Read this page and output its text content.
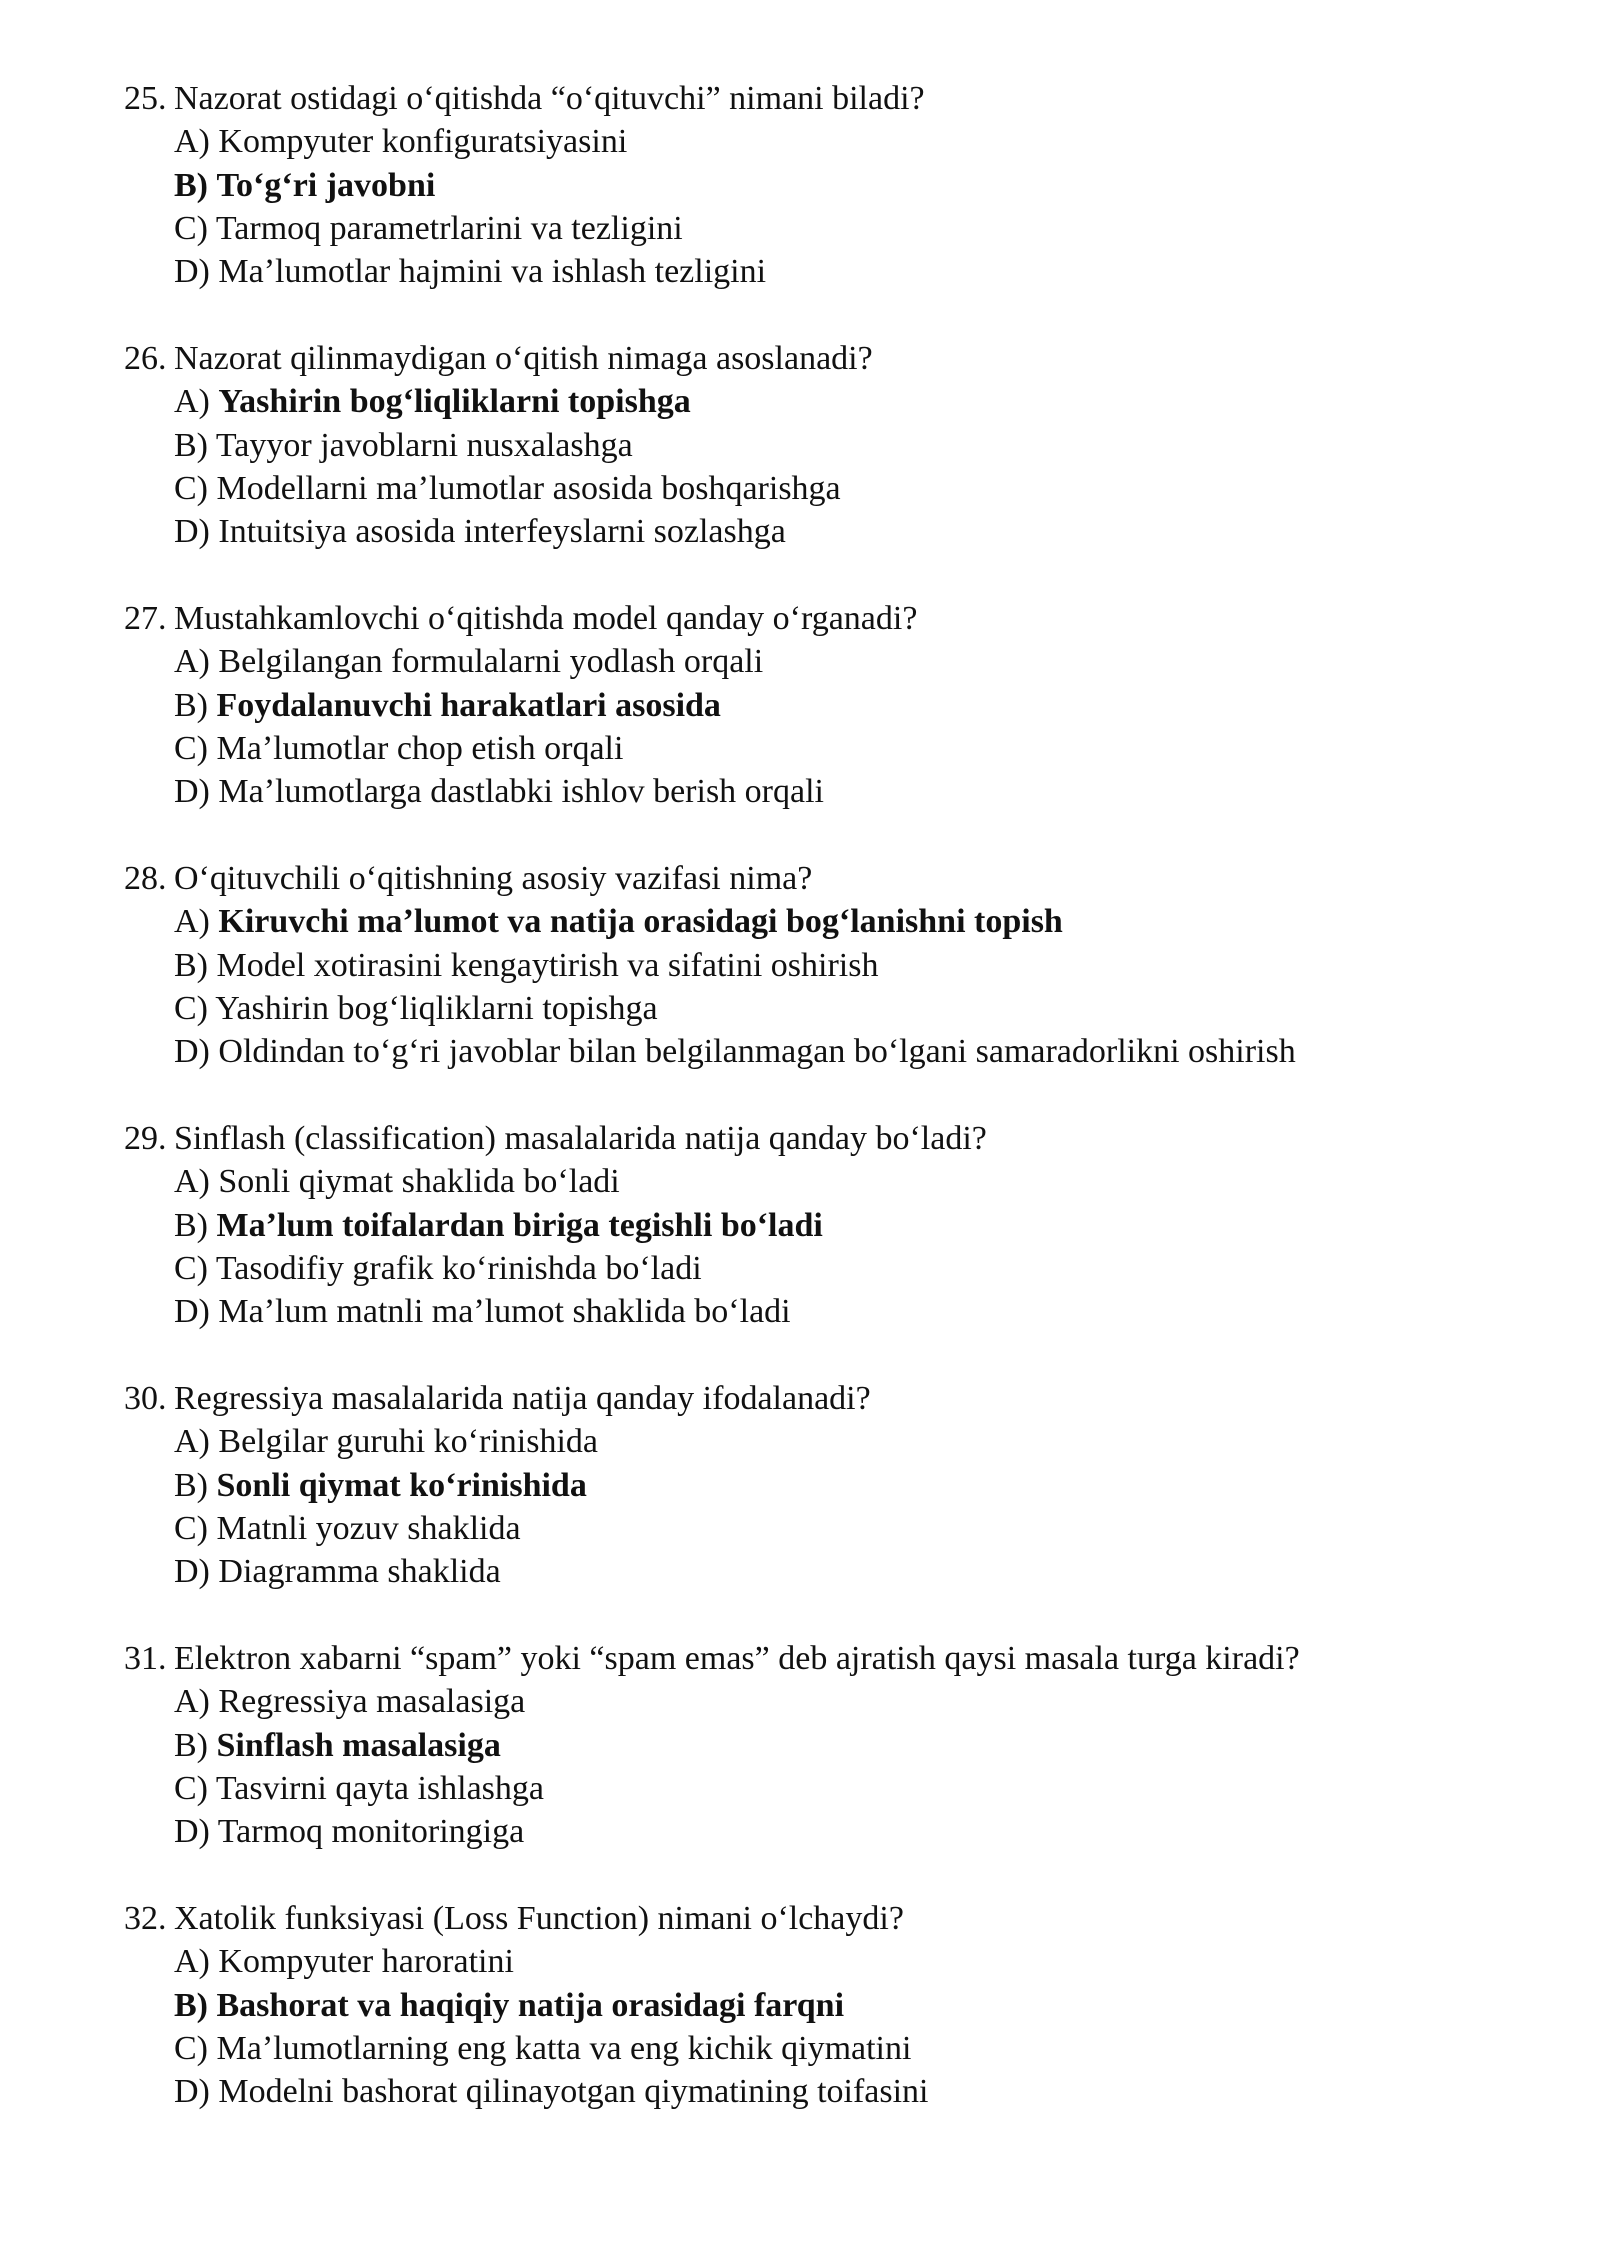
25. Nazorat ostidagi oʻqitishda “oʻqituvchi” nimani biladi?
A) Kompyuter konfiguratsiyasini
B) Toʻgʻri javobni
C) Tarmoq parametrlarini va tezligini
D) Maʼlumotlar hajmini va ishlash tezligini
26. Nazorat qilinmaydigan oʻqitish nimaga asoslanadi?
A) Yashirin bogʻliqliklarni topishga
B) Tayyor javoblarni nusxalashga
C) Modellarni maʼlumotlar asosida boshqarishga
D) Intuitsiya asosida interfeyslarni sozlashga
27. Mustahkamlovchi oʻqitishda model qanday oʻrganadi?
A) Belgilangan formulalarni yodlash orqali
B) Foydalanuvchi harakatlari asosida
C) Maʼlumotlar chop etish orqali
D) Maʼlumotlarga dastlabki ishlov berish orqali
28. Oʻqituvchili oʻqitishning asosiy vazifasi nima?
A) Kiruvchi maʼlumot va natija orasidagi bogʻlanishni topish
B) Model xotirasini kengaytirish va sifatini oshirish
C) Yashirin bogʻliqliklarni topishga
D) Oldindan toʻgʻri javoblar bilan belgilanmagan boʻlgani samaradorlikni oshirish
29. Sinflash (classification) masalalarida natija qanday boʻladi?
A) Sonli qiymat shaklida boʻladi
B) Maʼlum toifalardan biriga tegishli boʻladi
C) Tasodifiy grafik koʻrinishda boʻladi
D) Maʼlum matnli maʼlumot shaklida boʻladi
30. Regressiya masalalarida natija qanday ifodalanadi?
A) Belgilar guruhi koʻrinishida
B) Sonli qiymat koʻrinishida
C) Matnli yozuv shaklida
D) Diagramma shaklida
31. Elektron xabarni “spam” yoki “spam emas” deb ajratish qaysi masala turga kiradi?
A) Regressiya masalasiga
B) Sinflash masalasiga
C) Tasvirni qayta ishlashga
D) Tarmoq monitoringiga
32. Xatolik funksiyasi (Loss Function) nimani oʻlchaydi?
A) Kompyuter haroratini
B) Bashorat va haqiqiy natija orasidagi farqni
C) Maʼlumotlarning eng katta va eng kichik qiymatini
D) Modelni bashorat qilinayotgan qiymatining toifasini
